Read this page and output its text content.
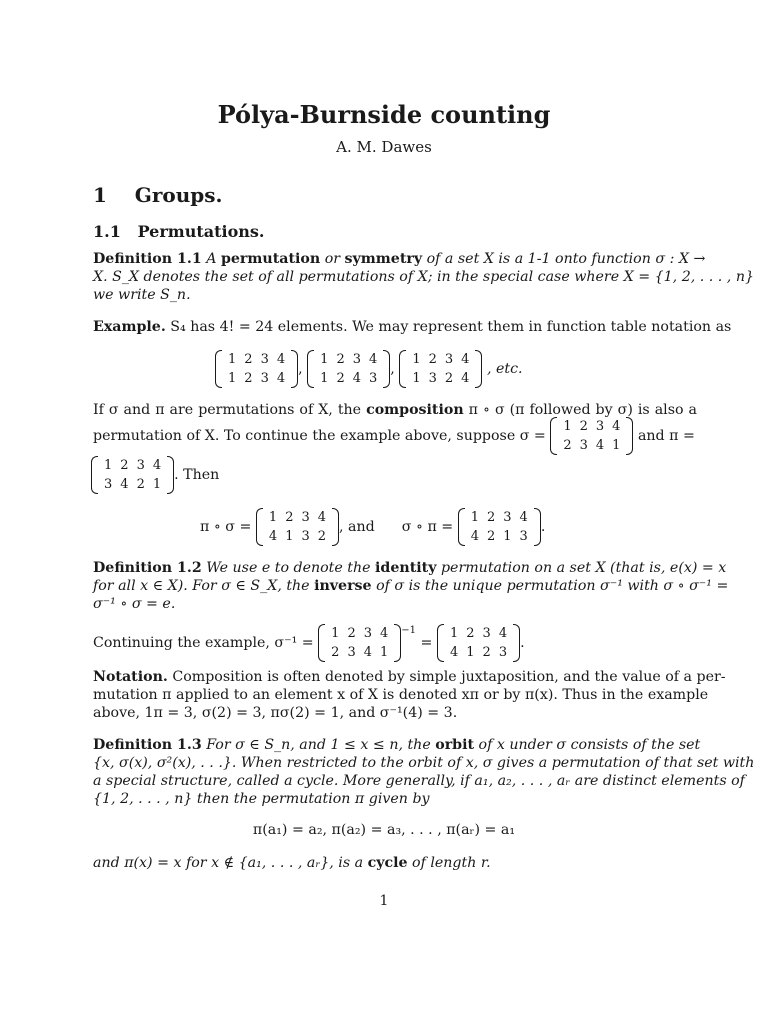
Pólya-Burnside counting
A. M. Dawes
1 Groups.
1.1 Permutations.
Definition 1.1 A permutation or symmetry of a set X is a 1-1 onto function σ : X →
X. S_X denotes the set of all permutations of X; in the special case where X = {1, 2, . . . , n}
we write S_n.
Example. S₄ has 4! = 24 elements. We may represent them in function table notation as
1	2	3	4
1	2	3	4
,
1	2	3	4
1	2	4	3
,
1	2	3	4
1	3	2	4
, etc.
If σ and π are permutations of X, the composition π ∘ σ (π followed by σ) is also a
permutation of X. To continue the example above, suppose σ =
1	2	3	4
2	3	4	1
and π =
1	2	3	4
3	4	2	1
. Then
π ∘ σ =
1	2	3	4
4	1	3	2
, and σ ∘ π =
1	2	3	4
4	2	1	3
.
Definition 1.2 We use e to denote the identity permutation on a set X (that is, e(x) = x
for all x ∈ X). For σ ∈ S_X, the inverse of σ is the unique permutation σ⁻¹ with σ ∘ σ⁻¹ =
σ⁻¹ ∘ σ = e.
Continuing the example, σ⁻¹ =
1	2	3	4
2	3	4	1
$^{-1}$ =
1	2	3	4
4	1	2	3
.
Notation. Composition is often denoted by simple juxtaposition, and the value of a per-
mutation π applied to an element x of X is denoted xπ or by π(x). Thus in the example
above, 1π = 3, σ(2) = 3, πσ(2) = 1, and σ⁻¹(4) = 3.
Definition 1.3 For σ ∈ S_n, and 1 ≤ x ≤ n, the orbit of x under σ consists of the set
{x, σ(x), σ²(x), . . .}. When restricted to the orbit of x, σ gives a permutation of that set with
a special structure, called a cycle. More generally, if a₁, a₂, . . . , aᵣ are distinct elements of
{1, 2, . . . , n} then the permutation π given by
π(a₁) = a₂, π(a₂) = a₃, . . . , π(aᵣ) = a₁
and π(x) = x for x ∉ {a₁, . . . , aᵣ}, is a cycle of length r.
1
